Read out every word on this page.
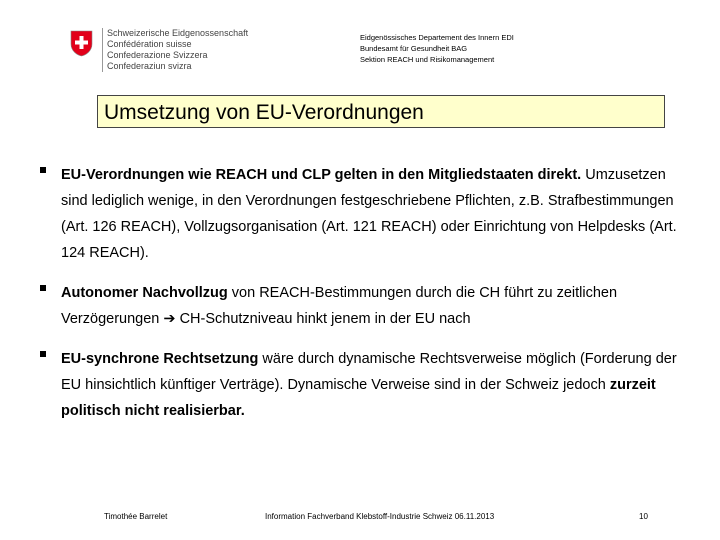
Schweizerische Eidgenossenschaft
Confédération suisse
Confederazione Svizzera
Confederaziun svizra
Eidgenössisches Departement des Innern EDI
Bundesamt für Gesundheit BAG
Sektion REACH und Risikomanagement
Umsetzung von EU-Verordnungen

EU-Verordnungen wie REACH und CLP gelten in den Mitgliedstaaten direkt. Umzusetzen sind lediglich wenige, in den Verordnungen festgeschriebene Pflichten, z.B. Strafbestimmungen (Art. 126 REACH), Vollzugsorganisation (Art. 121 REACH) oder Einrichtung von Helpdesks (Art. 124 REACH).

Autonomer Nachvollzug von REACH-Bestimmungen durch die CH führt zu zeitlichen Verzögerungen ➔ CH-Schutzniveau hinkt jenem in der EU nach

EU-synchrone Rechtsetzung wäre durch dynamische Rechtsverweise möglich (Forderung der EU hinsichtlich künftiger Verträge). Dynamische Verweise sind in der Schweiz jedoch zurzeit politisch nicht realisierbar.

Timothée Barrelet	Information Fachverband Klebstoff-Industrie Schweiz 06.11.2013	10
